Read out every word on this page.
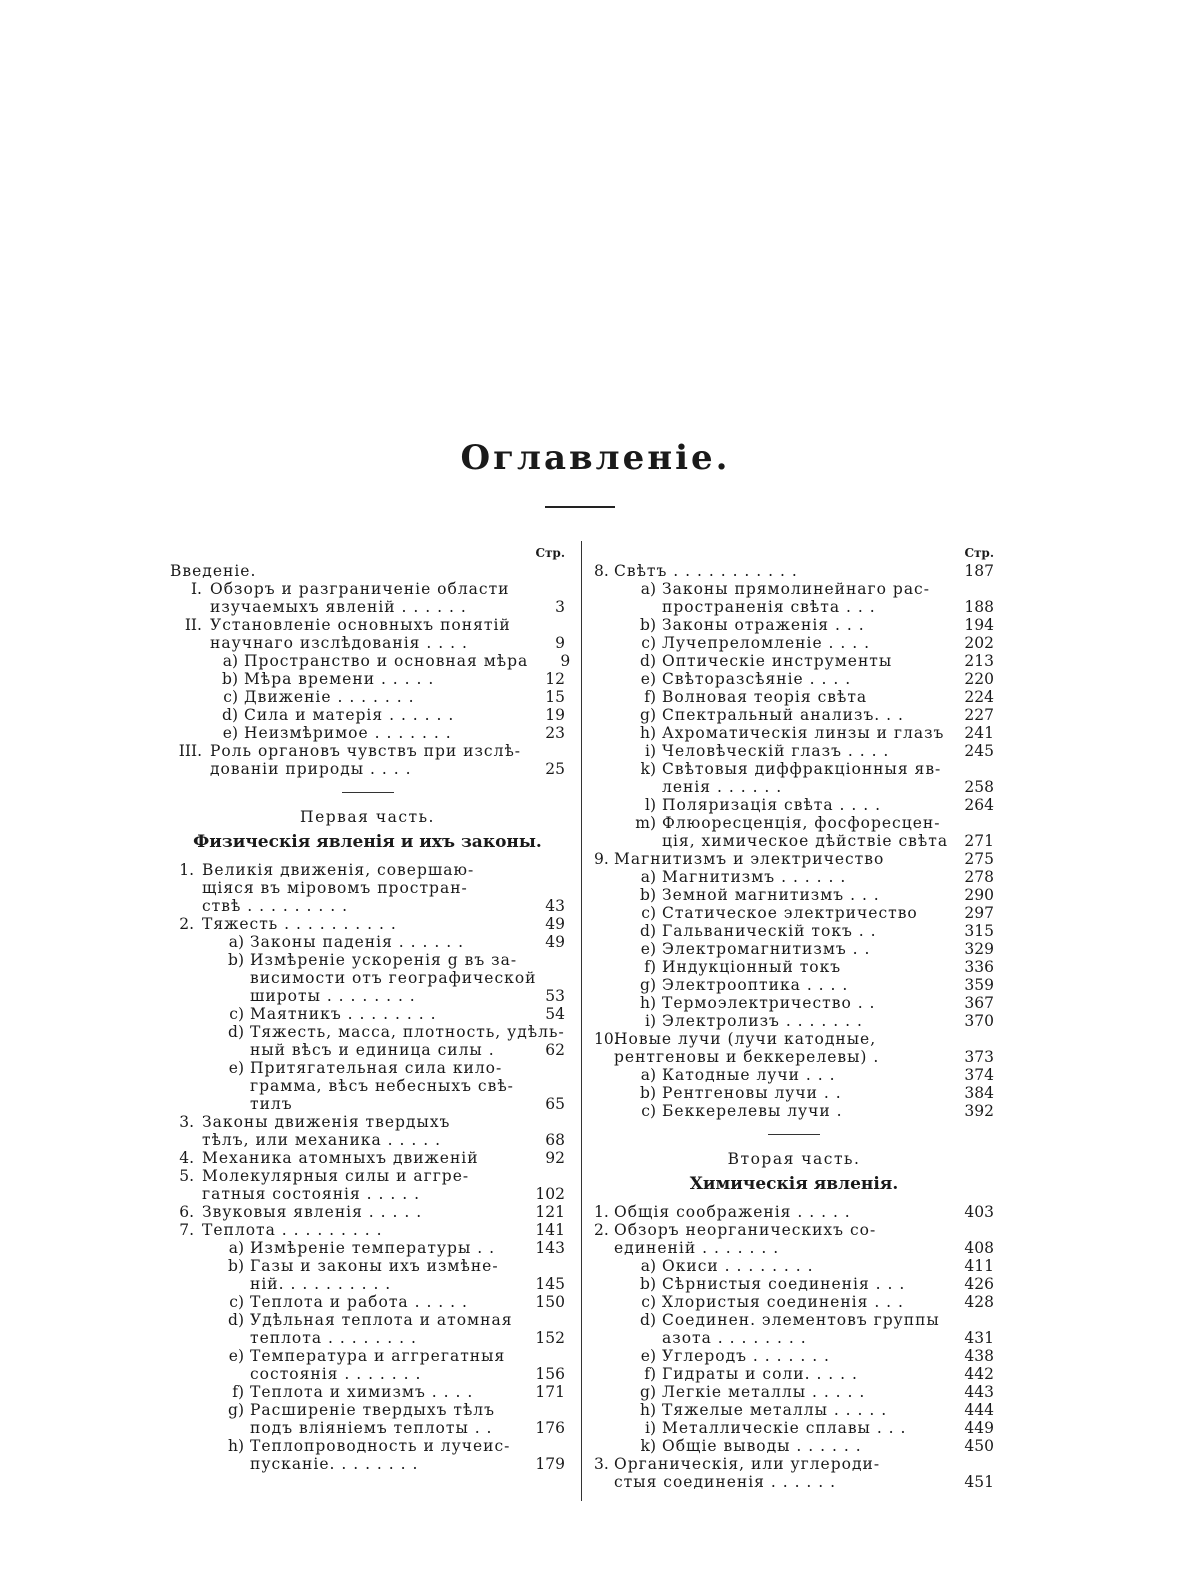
Оглавленіе.
Стр.
Введеніе.
I. Обзоръ и разграниченіе области
изучаемыхъ явленій . . . . . .	3
II. Установленіе основныхъ понятій
научнаго изслѣдованія . . . .	9
a) Пространство и основная мѣра	9
b) Мѣра времени . . . . .	12
c) Движеніе . . . . . . .	15
d) Сила и матерія . . . . . .	19
e) Неизмѣримое . . . . . . .	23
III. Роль органовъ чувствъ при изслѣ-
дованіи природы . . . .	25
Первая часть.
Физическія явленія и ихъ законы.
1. Великія движенія, совершаю-
щіяся въ міровомъ простран-
ствѣ . . . . . . . . .	43
2. Тяжесть . . . . . . . . . .	49
a) Законы паденія . . . . . .	49
b) Измѣреніе ускоренія g въ за-
висимости отъ географической
широты . . . . . . . .	53
c) Маятникъ . . . . . . . .	54
d) Тяжесть, масса, плотность, удѣль-
ный вѣсъ и единица силы .	62
e) Притягательная сила кило-
грамма, вѣсъ небесныхъ свѣ-
тилъ	65
3. Законы движенія твердыхъ
тѣлъ, или механика . . . . .	68
4. Механика атомныхъ движеній	92
5. Молекулярныя силы и аггре-
гатныя состоянія . . . . .	102
6. Звуковыя явленія . . . . .	121
7. Теплота . . . . . . . . .	141
a) Измѣреніе температуры . .	143
b) Газы и законы ихъ измѣне-
ній. . . . . . . . . .	145
c) Теплота и работа . . . . .	150
d) Удѣльная теплота и атомная
теплота . . . . . . . .	152
e) Температура и аггрегатныя
состоянія . . . . . . .	156
f) Теплота и химизмъ . . . .	171
g) Расширеніе твердыхъ тѣлъ
подъ вліяніемъ теплоты . .	176
h) Теплопроводность и лучеис-
пусканіе. . . . . . . .	179
Стр.
8. Свѣтъ . . . . . . . . . . .	187
a) Законы прямолинейнаго рас-
пространенія свѣта . . .	188
b) Законы отраженія . . .	194
c) Лучепреломленіе . . . .	202
d) Оптическіе инструменты	213
e) Свѣторазсѣяніе . . . .	220
f) Волновая теорія свѣта	224
g) Спектральный анализъ. . .	227
h) Ахроматическія линзы и глазъ	241
i) Человѣческій глазъ . . . .	245
k) Свѣтовыя диффракціонныя яв-
ленія . . . . . .	258
l) Поляризація свѣта . . . .	264
m) Флюоресценція, фосфоресцен-
ція, химическое дѣйствіе свѣта	271
9. Магнитизмъ и электричество	275
a) Магнитизмъ . . . . . .	278
b) Земной магнитизмъ . . .	290
c) Статическое электричество	297
d) Гальваническій токъ . .	315
e) Электромагнитизмъ . .	329
f) Индукціонный токъ	336
g) Электрооптика . . . .	359
h) Термоэлектричество . .	367
i) Электролизъ . . . . . . .	370
10.
Новые лучи (лучи катодные,
рентгеновы и беккерелевы) .	373
a) Катодные лучи . . .	374
b) Рентгеновы лучи . .	384
c) Беккерелевы лучи .	392
Вторая часть.
Химическія явленія.
1. Общія соображенія . . . . .	403
2. Обзоръ неорганическихъ со-
единеній . . . . . . .	408
a) Окиси . . . . . . . .	411
b) Сѣрнистыя соединенія . . .	426
c) Хлористыя соединенія . . .	428
d) Соединен. элементовъ группы
азота . . . . . . . .	431
e) Углеродъ . . . . . . .	438
f) Гидраты и соли. . . . .	442
g) Легкіе металлы . . . . .	443
h) Тяжелые металлы . . . . .	444
i) Металлическіе сплавы . . .	449
k) Общіе выводы . . . . . .	450
3. Органическія, или углероди-
стыя соединенія . . . . . .	451
